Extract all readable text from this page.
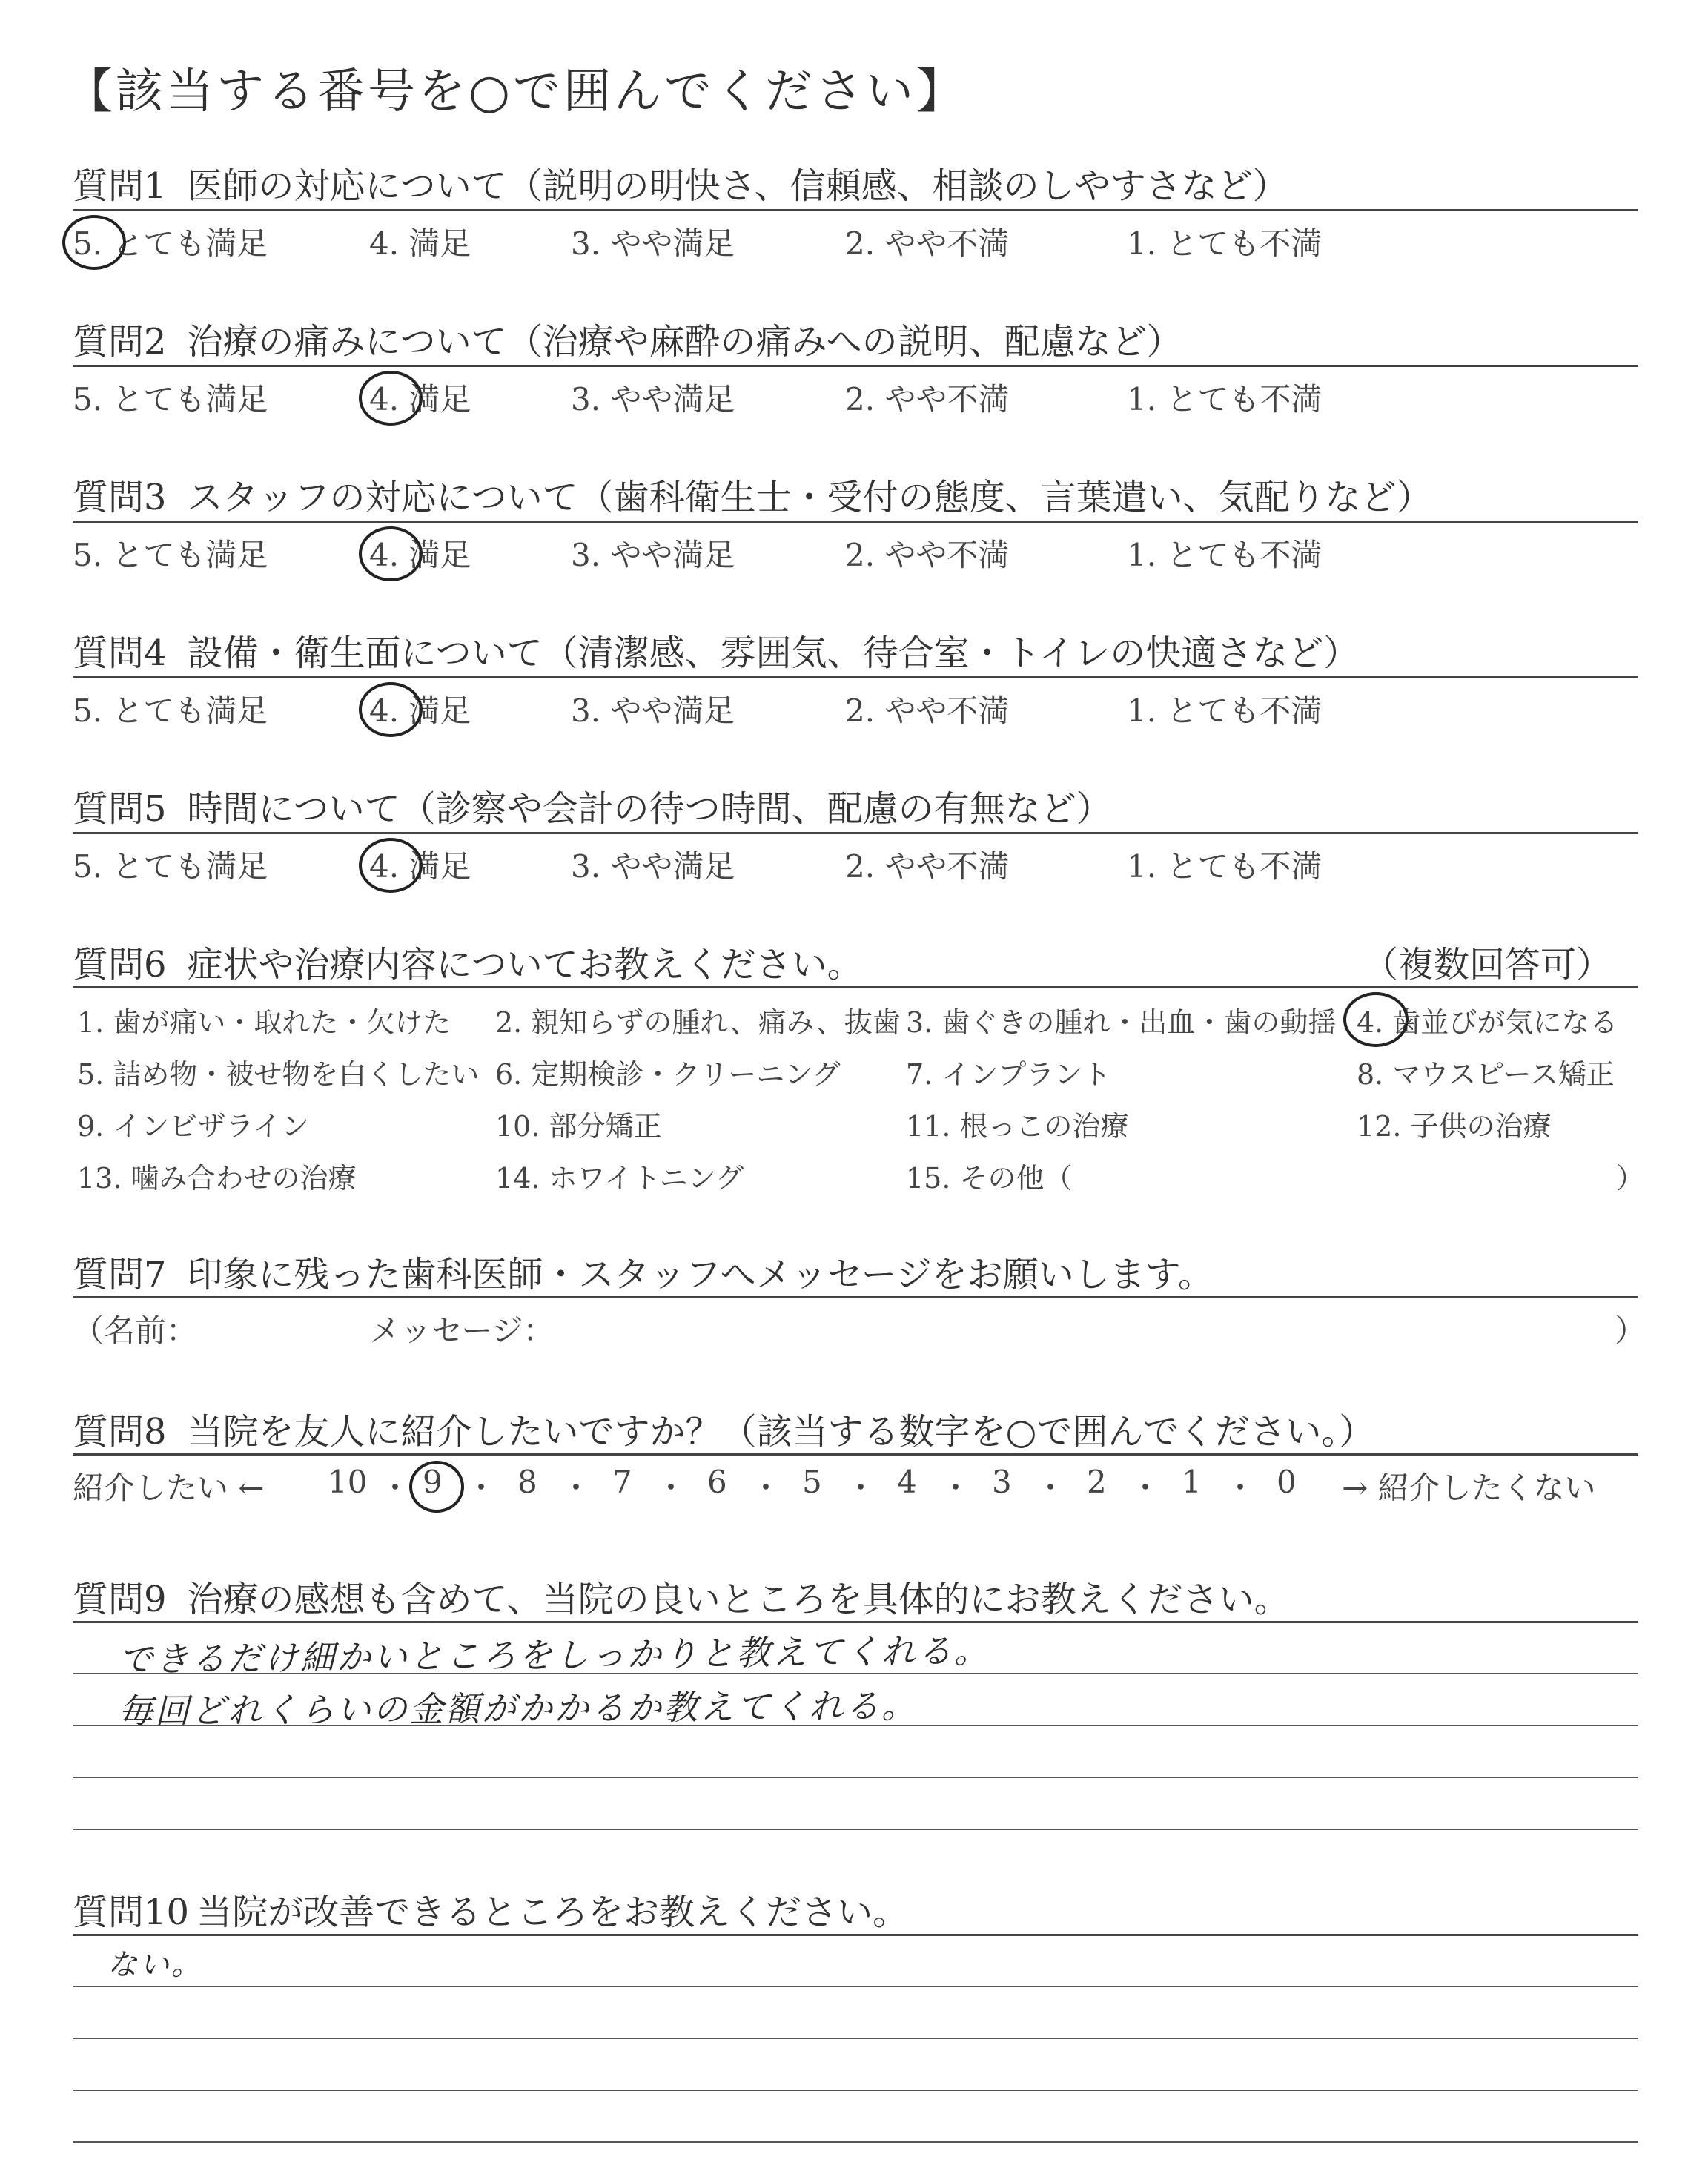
【該当する番号を○で囲んでください】
質問1 医師の対応について（説明の明快さ、信頼感、相談のしやすさなど）
5. とても満足	4. 満足	3. やや満足	2. やや不満	1. とても不満
質問2 治療の痛みについて（治療や麻酔の痛みへの説明、配慮など）
5. とても満足	4. 満足	3. やや満足	2. やや不満	1. とても不満
質問3 スタッフの対応について（歯科衛生士・受付の態度、言葉遣い、気配りなど）
5. とても満足	4. 満足	3. やや満足	2. やや不満	1. とても不満
質問4 設備・衛生面について（清潔感、雰囲気、待合室・トイレの快適さなど）
5. とても満足	4. 満足	3. やや満足	2. やや不満	1. とても不満
質問5 時間について（診察や会計の待つ時間、配慮の有無など）
5. とても満足	4. 満足	3. やや満足	2. やや不満	1. とても不満
質問6 症状や治療内容についてお教えください。	（複数回答可）
1. 歯が痛い・取れた・欠けた 2. 親知らずの腫れ、痛み、抜歯 3. 歯ぐきの腫れ・出血・歯の動揺 4. 歯並びが気になる
5. 詰め物・被せ物を白くしたい 6. 定期検診・クリーニング 7. インプラント	8. マウスピース矯正
9. インビザライン	10. 部分矯正	11. 根っこの治療	12. 子供の治療
13. 噛み合わせの治療	14. ホワイトニング	15. その他（	）
質問7 印象に残った歯科医師・スタッフへメッセージをお願いします。
（名前：	メッセージ：	）
質問8 当院を友人に紹介したいですか？（該当する数字を○で囲んでください。）
紹介したい ← 10 ・ 9 ・ 8 ・ 7 ・ 6 ・ 5 ・ 4 ・ 3 ・ 2 ・ 1 ・ 0 → 紹介したくない
質問9 治療の感想も含めて、当院の良いところを具体的にお教えください。
できるだけ細かいところをしっかりと教えてくれる。
毎回どれくらいの金額がかかるか教えてくれる。
質問10 当院が改善できるところをお教えください。
ない。
